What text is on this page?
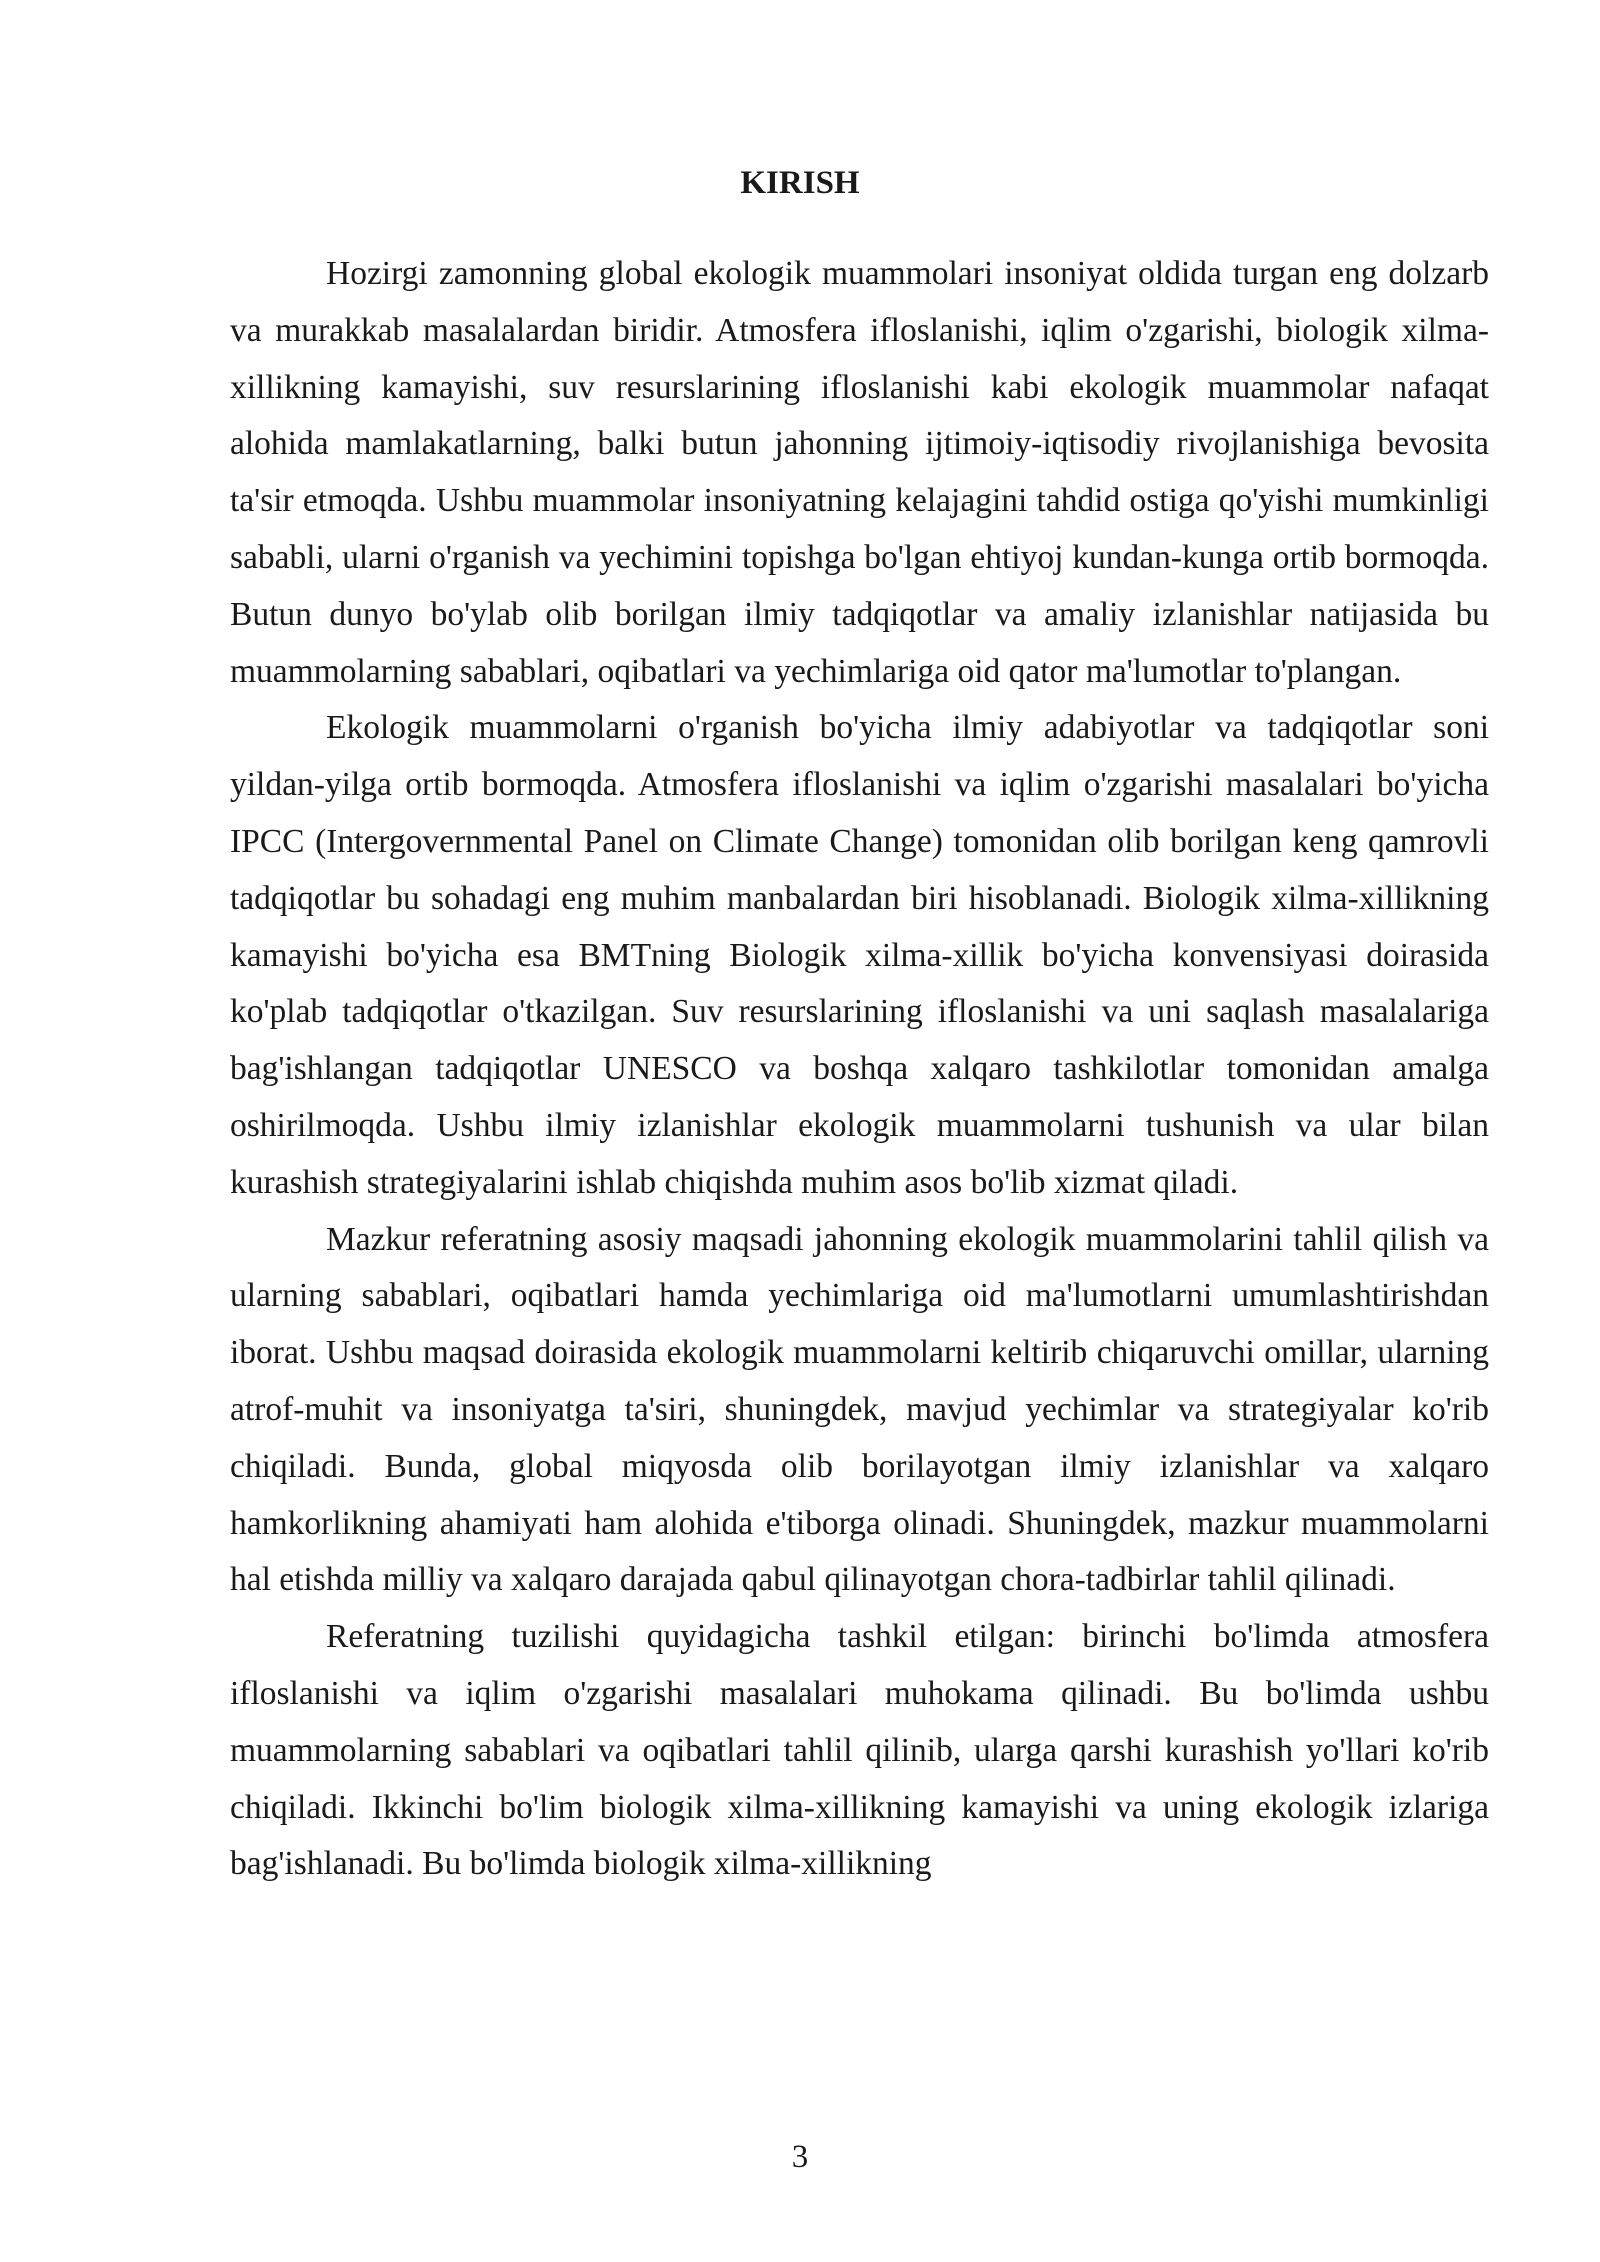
KIRISH

Hozirgi zamonning global ekologik muammolari insoniyat oldida turgan eng dolzarb va murakkab masalalardan biridir. Atmosfera ifloslanishi, iqlim o'zgarishi, biologik xilma-xillikning kamayishi, suv resurslarining ifloslanishi kabi ekologik muammolar nafaqat alohida mamlakatlarning, balki butun jahonning ijtimoiy-iqtisodiy rivojlanishiga bevosita ta'sir etmoqda. Ushbu muammolar insoniyatning kelajagini tahdid ostiga qo'yishi mumkinligi sababli, ularni o'rganish va yechimini topishga bo'lgan ehtiyoj kundan-kunga ortib bormoqda. Butun dunyo bo'ylab olib borilgan ilmiy tadqiqotlar va amaliy izlanishlar natijasida bu muammolarning sabablari, oqibatlari va yechimlariga oid qator ma'lumotlar to'plangan.

Ekologik muammolarni o'rganish bo'yicha ilmiy adabiyotlar va tadqiqotlar soni yildan-yilga ortib bormoqda. Atmosfera ifloslanishi va iqlim o'zgarishi masalalari bo'yicha IPCC (Intergovernmental Panel on Climate Change) tomonidan olib borilgan keng qamrovli tadqiqotlar bu sohadagi eng muhim manbalardan biri hisoblanadi. Biologik xilma-xillikning kamayishi bo'yicha esa BMTning Biologik xilma-xillik bo'yicha konvensiyasi doirasida ko'plab tadqiqotlar o'tkazilgan. Suv resurslarining ifloslanishi va uni saqlash masalalariga bag'ishlangan tadqiqotlar UNESCO va boshqa xalqaro tashkilotlar tomonidan amalga oshirilmoqda. Ushbu ilmiy izlanishlar ekologik muammolarni tushunish va ular bilan kurashish strategiyalarini ishlab chiqishda muhim asos bo'lib xizmat qiladi.

Mazkur referatning asosiy maqsadi jahonning ekologik muammolarini tahlil qilish va ularning sabablari, oqibatlari hamda yechimlariga oid ma'lumotlarni umumlashtirishdan iborat. Ushbu maqsad doirasida ekologik muammolarni keltirib chiqaruvchi omillar, ularning atrof-muhit va insoniyatga ta'siri, shuningdek, mavjud yechimlar va strategiyalar ko'rib chiqiladi. Bunda, global miqyosda olib borilayotgan ilmiy izlanishlar va xalqaro hamkorlikning ahamiyati ham alohida e'tiborga olinadi. Shuningdek, mazkur muammolarni hal etishda milliy va xalqaro darajada qabul qilinayotgan chora-tadbirlar tahlil qilinadi.

Referatning tuzilishi quyidagicha tashkil etilgan: birinchi bo'limda atmosfera ifloslanishi va iqlim o'zgarishi masalalari muhokama qilinadi. Bu bo'limda ushbu muammolarning sabablari va oqibatlari tahlil qilinib, ularga qarshi kurashish yo'llari ko'rib chiqiladi. Ikkinchi bo'lim biologik xilma-xillikning kamayishi va uning ekologik izlariga bag'ishlanadi. Bu bo'limda biologik xilma-xillikning

3
